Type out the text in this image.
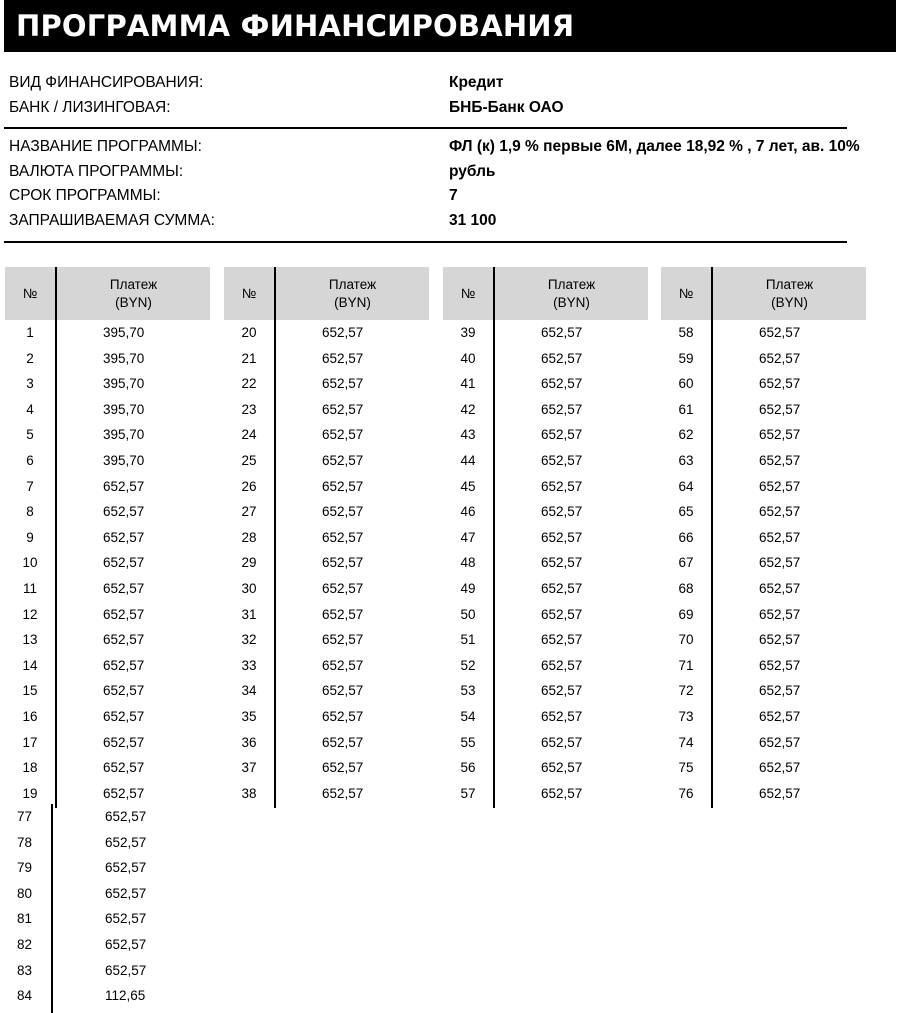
ПРОГРАММА ФИНАНСИРОВАНИЯ
ВИД ФИНАНСИРОВАНИЯ:	Кредит
БАНК / ЛИЗИНГОВАЯ:	БНБ-Банк ОАО
НАЗВАНИЕ ПРОГРАММЫ:	ФЛ (к) 1,9 % первые 6М, далее 18,92 % , 7 лет, ав. 10%
ВАЛЮТА ПРОГРАММЫ:	рубль
СРОК ПРОГРАММЫ:	7
ЗАПРАШИВАЕМАЯ СУММА:	31 100
№
Платеж
(BYN)
1	395,70
2	395,70
3	395,70
4	395,70
5	395,70
6	395,70
7	652,57
8	652,57
9	652,57
10	652,57
11	652,57
12	652,57
13	652,57
14	652,57
15	652,57
16	652,57
17	652,57
18	652,57
19	652,57
№
Платеж
(BYN)
20	652,57
21	652,57
22	652,57
23	652,57
24	652,57
25	652,57
26	652,57
27	652,57
28	652,57
29	652,57
30	652,57
31	652,57
32	652,57
33	652,57
34	652,57
35	652,57
36	652,57
37	652,57
38	652,57
№
Платеж
(BYN)
39	652,57
40	652,57
41	652,57
42	652,57
43	652,57
44	652,57
45	652,57
46	652,57
47	652,57
48	652,57
49	652,57
50	652,57
51	652,57
52	652,57
53	652,57
54	652,57
55	652,57
56	652,57
57	652,57
№
Платеж
(BYN)
58	652,57
59	652,57
60	652,57
61	652,57
62	652,57
63	652,57
64	652,57
65	652,57
66	652,57
67	652,57
68	652,57
69	652,57
70	652,57
71	652,57
72	652,57
73	652,57
74	652,57
75	652,57
76	652,57
77	652,57
78	652,57
79	652,57
80	652,57
81	652,57
82	652,57
83	652,57
84	112,65
